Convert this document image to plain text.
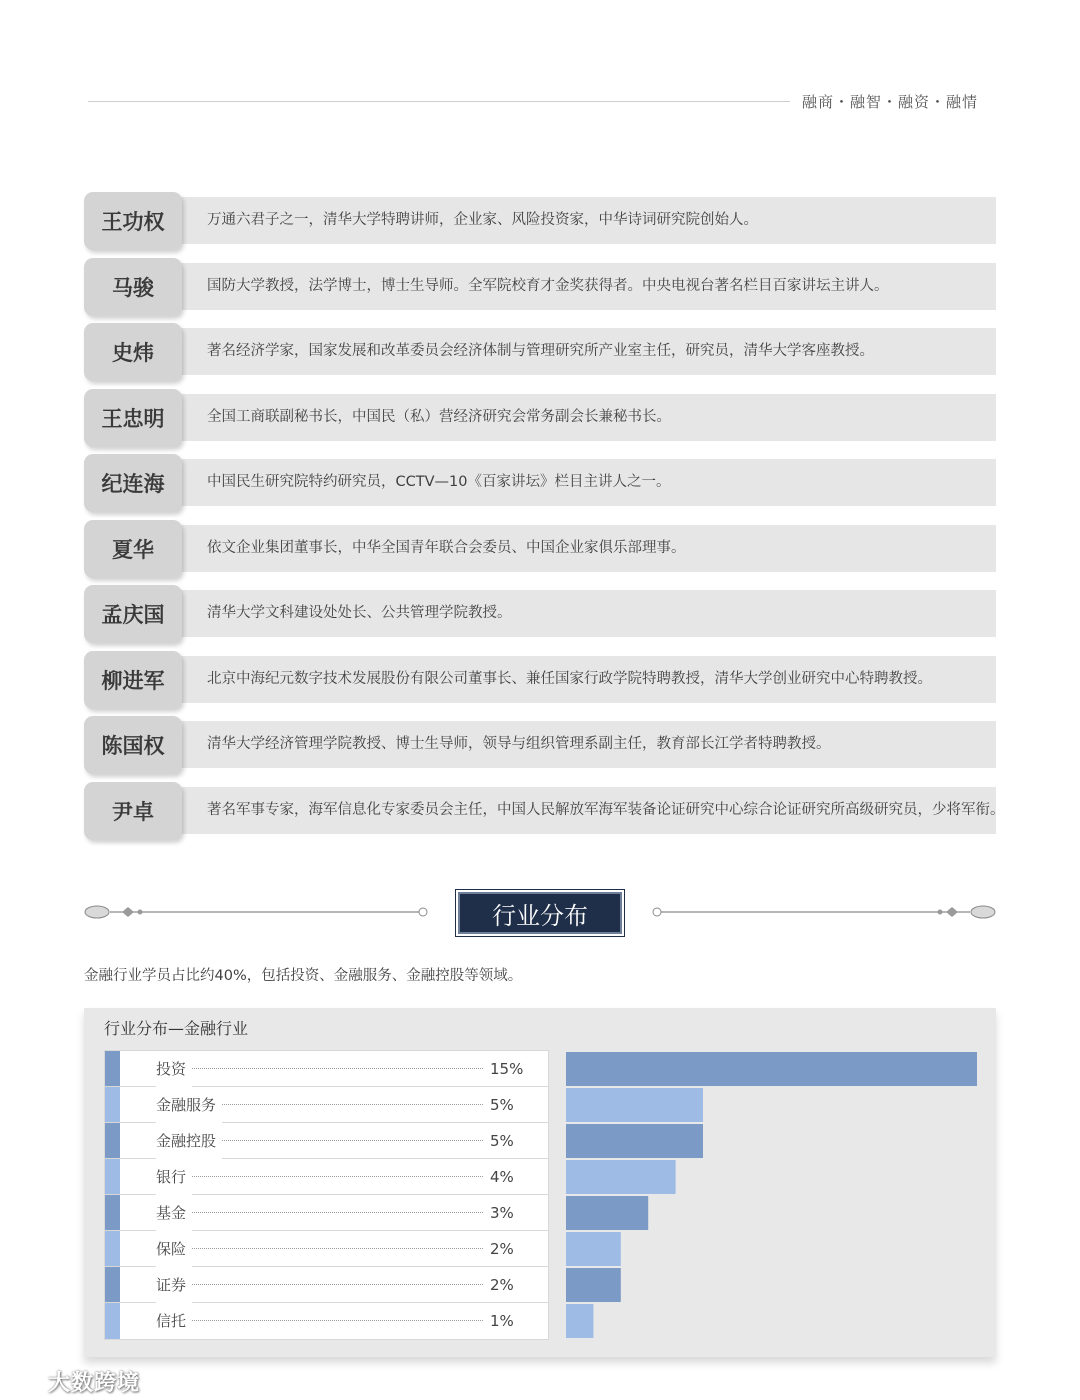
融商・融智・融资・融情
王功权	万通六君子之一，清华大学特聘讲师，企业家、风险投资家，中华诗词研究院创始人。
马骏	国防大学教授，法学博士，博士生导师。全军院校育才金奖获得者。中央电视台著名栏目百家讲坛主讲人。
史炜	著名经济学家，国家发展和改革委员会经济体制与管理研究所产业室主任，研究员，清华大学客座教授。
王忠明	全国工商联副秘书长，中国民（私）营经济研究会常务副会长兼秘书长。
纪连海	中国民生研究院特约研究员，CCTV—10《百家讲坛》栏目主讲人之一。
夏华	依文企业集团董事长，中华全国青年联合会委员、中国企业家俱乐部理事。
孟庆国	清华大学文科建设处处长、公共管理学院教授。
柳进军	北京中海纪元数字技术发展股份有限公司董事长、兼任国家行政学院特聘教授，清华大学创业研究中心特聘教授。
陈国权	清华大学经济管理学院教授、博士生导师，领导与组织管理系副主任，教育部长江学者特聘教授。
尹卓	著名军事专家，海军信息化专家委员会主任，中国人民解放军海军装备论证研究中心综合论证研究所高级研究员，少将军衔。
行业分布
金融行业学员占比约40%，包括投资、金融服务、金融控股等领域。
行业分布—金融行业
投资	15%
金融服务	5%
金融控股	5%
银行	4%
基金	3%
保险	2%
证券	2%
信托	1%
大数跨境
